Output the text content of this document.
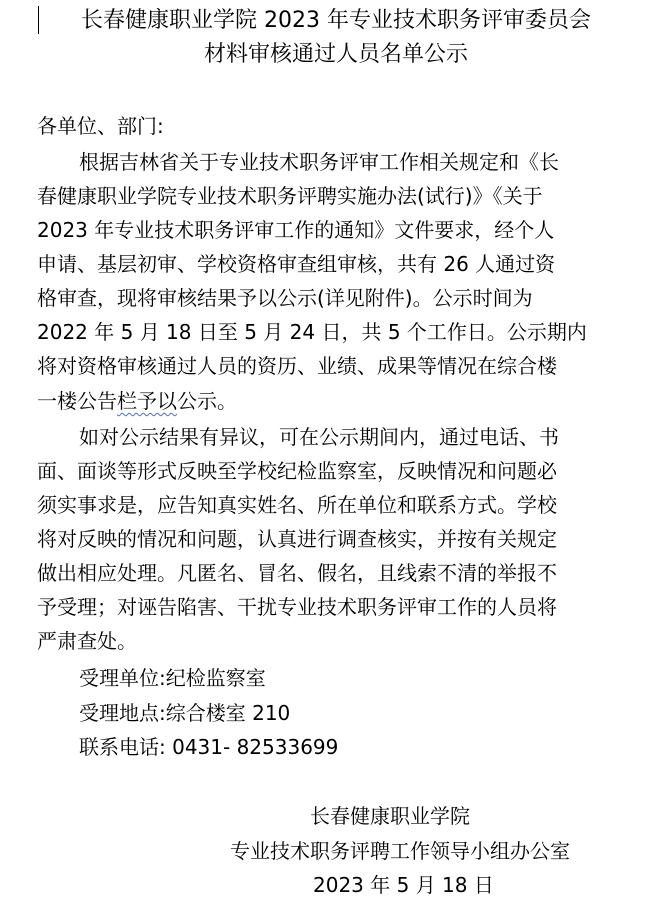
长春健康职业学院 2023 年专业技术职务评审委员会
材料审核通过人员名单公示
各单位、部门:
根据吉林省关于专业技术职务评审工作相关规定和《长
春健康职业学院专业技术职务评聘实施办法(试行)》《关于
2023 年专业技术职务评审工作的通知》文件要求，经个人
申请、基层初审、学校资格审查组审核，共有 26 人通过资
格审查，现将审核结果予以公示(详见附件)。公示时间为
2022 年 5 月 18 日至 5 月 24 日，共 5 个工作日。公示期内
将对资格审核通过人员的资历、业绩、成果等情况在综合楼
一楼公告栏予以公示。
如对公示结果有异议，可在公示期间内，通过电话、书
面、面谈等形式反映至学校纪检监察室，反映情况和问题必
须实事求是，应告知真实姓名、所在单位和联系方式。学校
将对反映的情况和问题，认真进行调查核实，并按有关规定
做出相应处理。凡匿名、冒名、假名，且线索不清的举报不
予受理；对诬告陷害、干扰专业技术职务评审工作的人员将
严肃查处。
受理单位:纪检监察室
受理地点:综合楼室 210
联系电话: 0431- 82533699
长春健康职业学院
专业技术职务评聘工作领导小组办公室
2023 年 5 月 18 日
